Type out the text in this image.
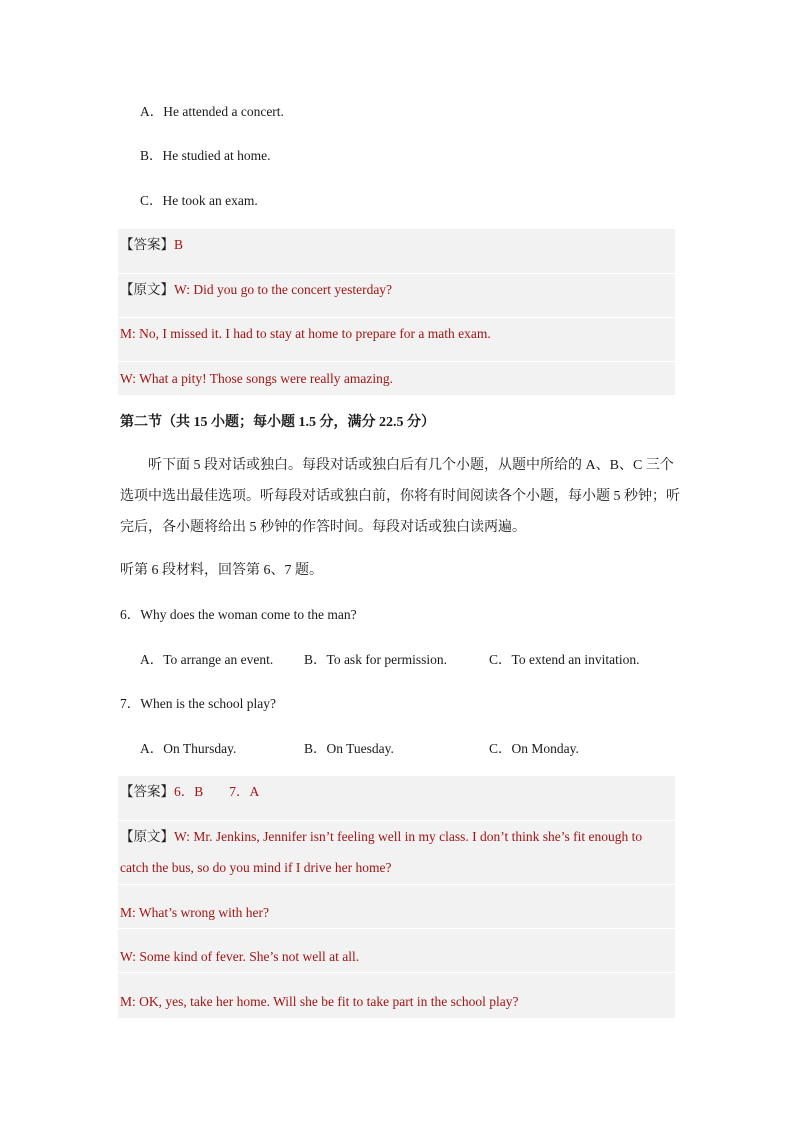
A．He attended a concert.
B．He studied at home.
C．He took an exam.
【答案】B
【原文】W: Did you go to the concert yesterday?
M: No, I missed it. I had to stay at home to prepare for a math exam.
W: What a pity! Those songs were really amazing.
第二节（共 15 小题；每小题 1.5 分，满分 22.5 分）
听下面 5 段对话或独白。每段对话或独白后有几个小题，从题中所给的 A、B、C 三个
选项中选出最佳选项。听每段对话或独白前，你将有时间阅读各个小题，每小题 5 秒钟；听
完后，各小题将给出 5 秒钟的作答时间。每段对话或独白读两遍。
听第 6 段材料，回答第 6、7 题。
6．Why does the woman come to the man?
A．To arrange an event. B．To ask for permission.	C．To extend an invitation.
7．When is the school play?
A．On Thursday.	B．On Tuesday.	C．On Monday.
【答案】6．B 7．A
【原文】W: Mr. Jenkins, Jennifer isn’t feeling well in my class. I don’t think she’s fit enough to
catch the bus, so do you mind if I drive her home?
M: What’s wrong with her?
W: Some kind of fever. She’s not well at all.
M: OK, yes, take her home. Will she be fit to take part in the school play?
